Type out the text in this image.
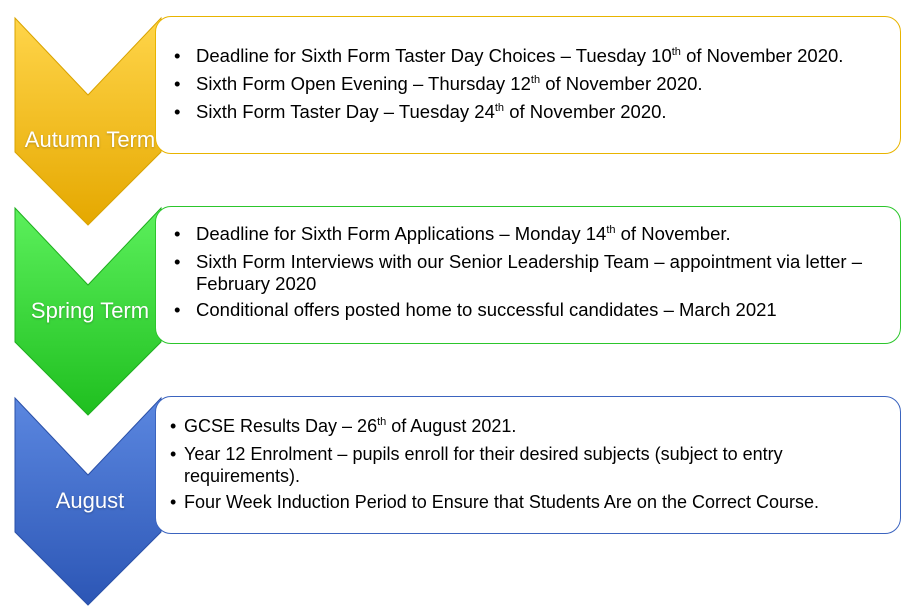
Autumn Term
• Deadline for Sixth Form Taster Day Choices – Tuesday 10th of November 2020.
• Sixth Form Open Evening – Thursday 12th of November 2020.
• Sixth Form Taster Day – Tuesday 24th of November 2020.
Spring Term
• Deadline for Sixth Form Applications – Monday 14th of November.
• Sixth Form Interviews with our Senior Leadership Team – appointment via letter – February 2020
• Conditional offers posted home to successful candidates – March 2021
August
• GCSE Results Day – 26th of August 2021.
• Year 12 Enrolment – pupils enroll for their desired subjects (subject to entry requirements).
• Four Week Induction Period to Ensure that Students Are on the Correct Course.
